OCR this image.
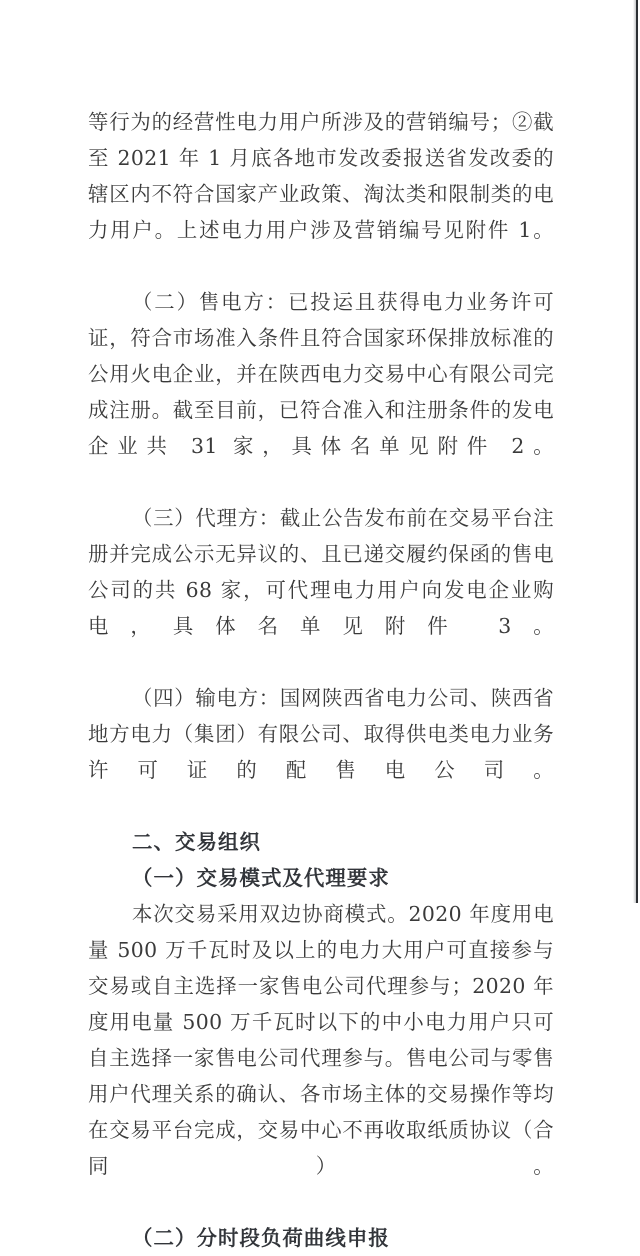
等行为的经营性电力用户所涉及的营销编号；②截至 2021 年 1 月底各地市发改委报送省发改委的辖区内不符合国家产业政策、淘汰类和限制类的电力用户。上述电力用户涉及营销编号见附件 1。

（二）售电方：已投运且获得电力业务许可证，符合市场准入条件且符合国家环保排放标准的公用火电企业，并在陕西电力交易中心有限公司完成注册。截至目前，已符合准入和注册条件的发电企业共 31 家，具体名单见附件 2。

（三）代理方：截止公告发布前在交易平台注册并完成公示无异议的、且已递交履约保函的售电公司的共 68 家，可代理电力用户向发电企业购电，具体名单见附件 3。

（四）输电方：国网陕西省电力公司、陕西省地方电力（集团）有限公司、取得供电类电力业务许可证的配售电公司。

二、交易组织

（一）交易模式及代理要求

本次交易采用双边协商模式。2020 年度用电量 500 万千瓦时及以上的电力大用户可直接参与交易或自主选择一家售电公司代理参与；2020 年度用电量 500 万千瓦时以下的中小电力用户只可自主选择一家售电公司代理参与。售电公司与零售用户代理关系的确认、各市场主体的交易操作等均在交易平台完成，交易中心不再收取纸质协议（合同）。

（二）分时段负荷曲线申报
